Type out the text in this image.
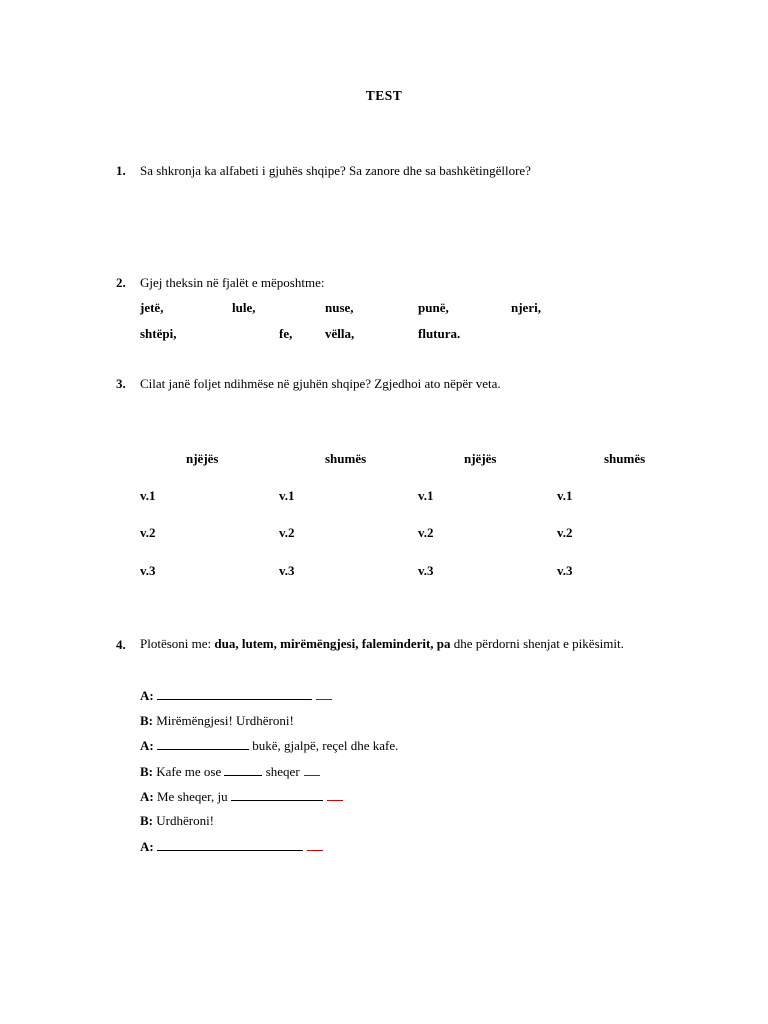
TEST
1. Sa shkronja ka alfabeti i gjuhës shqipe? Sa zanore dhe sa bashkëtingëllore?
2. Gjej theksin në fjalët e mëposhtme:
jetë,	lule,	nuse,	punë,	njeri,
shtëpi,	fe,	vëlla,	flutura.
3. Cilat janë foljet ndihmëse në gjuhën shqipe? Zgjedhoi ato nëpër veta.
njëjës	shumës	njëjës	shumës
v.1	v.1	v.1	v.1
v.2	v.2	v.2	v.2
v.3	v.3	v.3	v.3
4. Plotësoni me: dua, lutem, mirëmëngjesi, faleminderit, pa dhe përdorni shenjat e pikësimit.
A:
B: Mirëmëngjesi! Urdhëroni!
A:	bukë, gjalpë, reçel dhe kafe.
B: Kafe me ose	sheqer
A: Me sheqer, ju
B: Urdhëroni!
A:
